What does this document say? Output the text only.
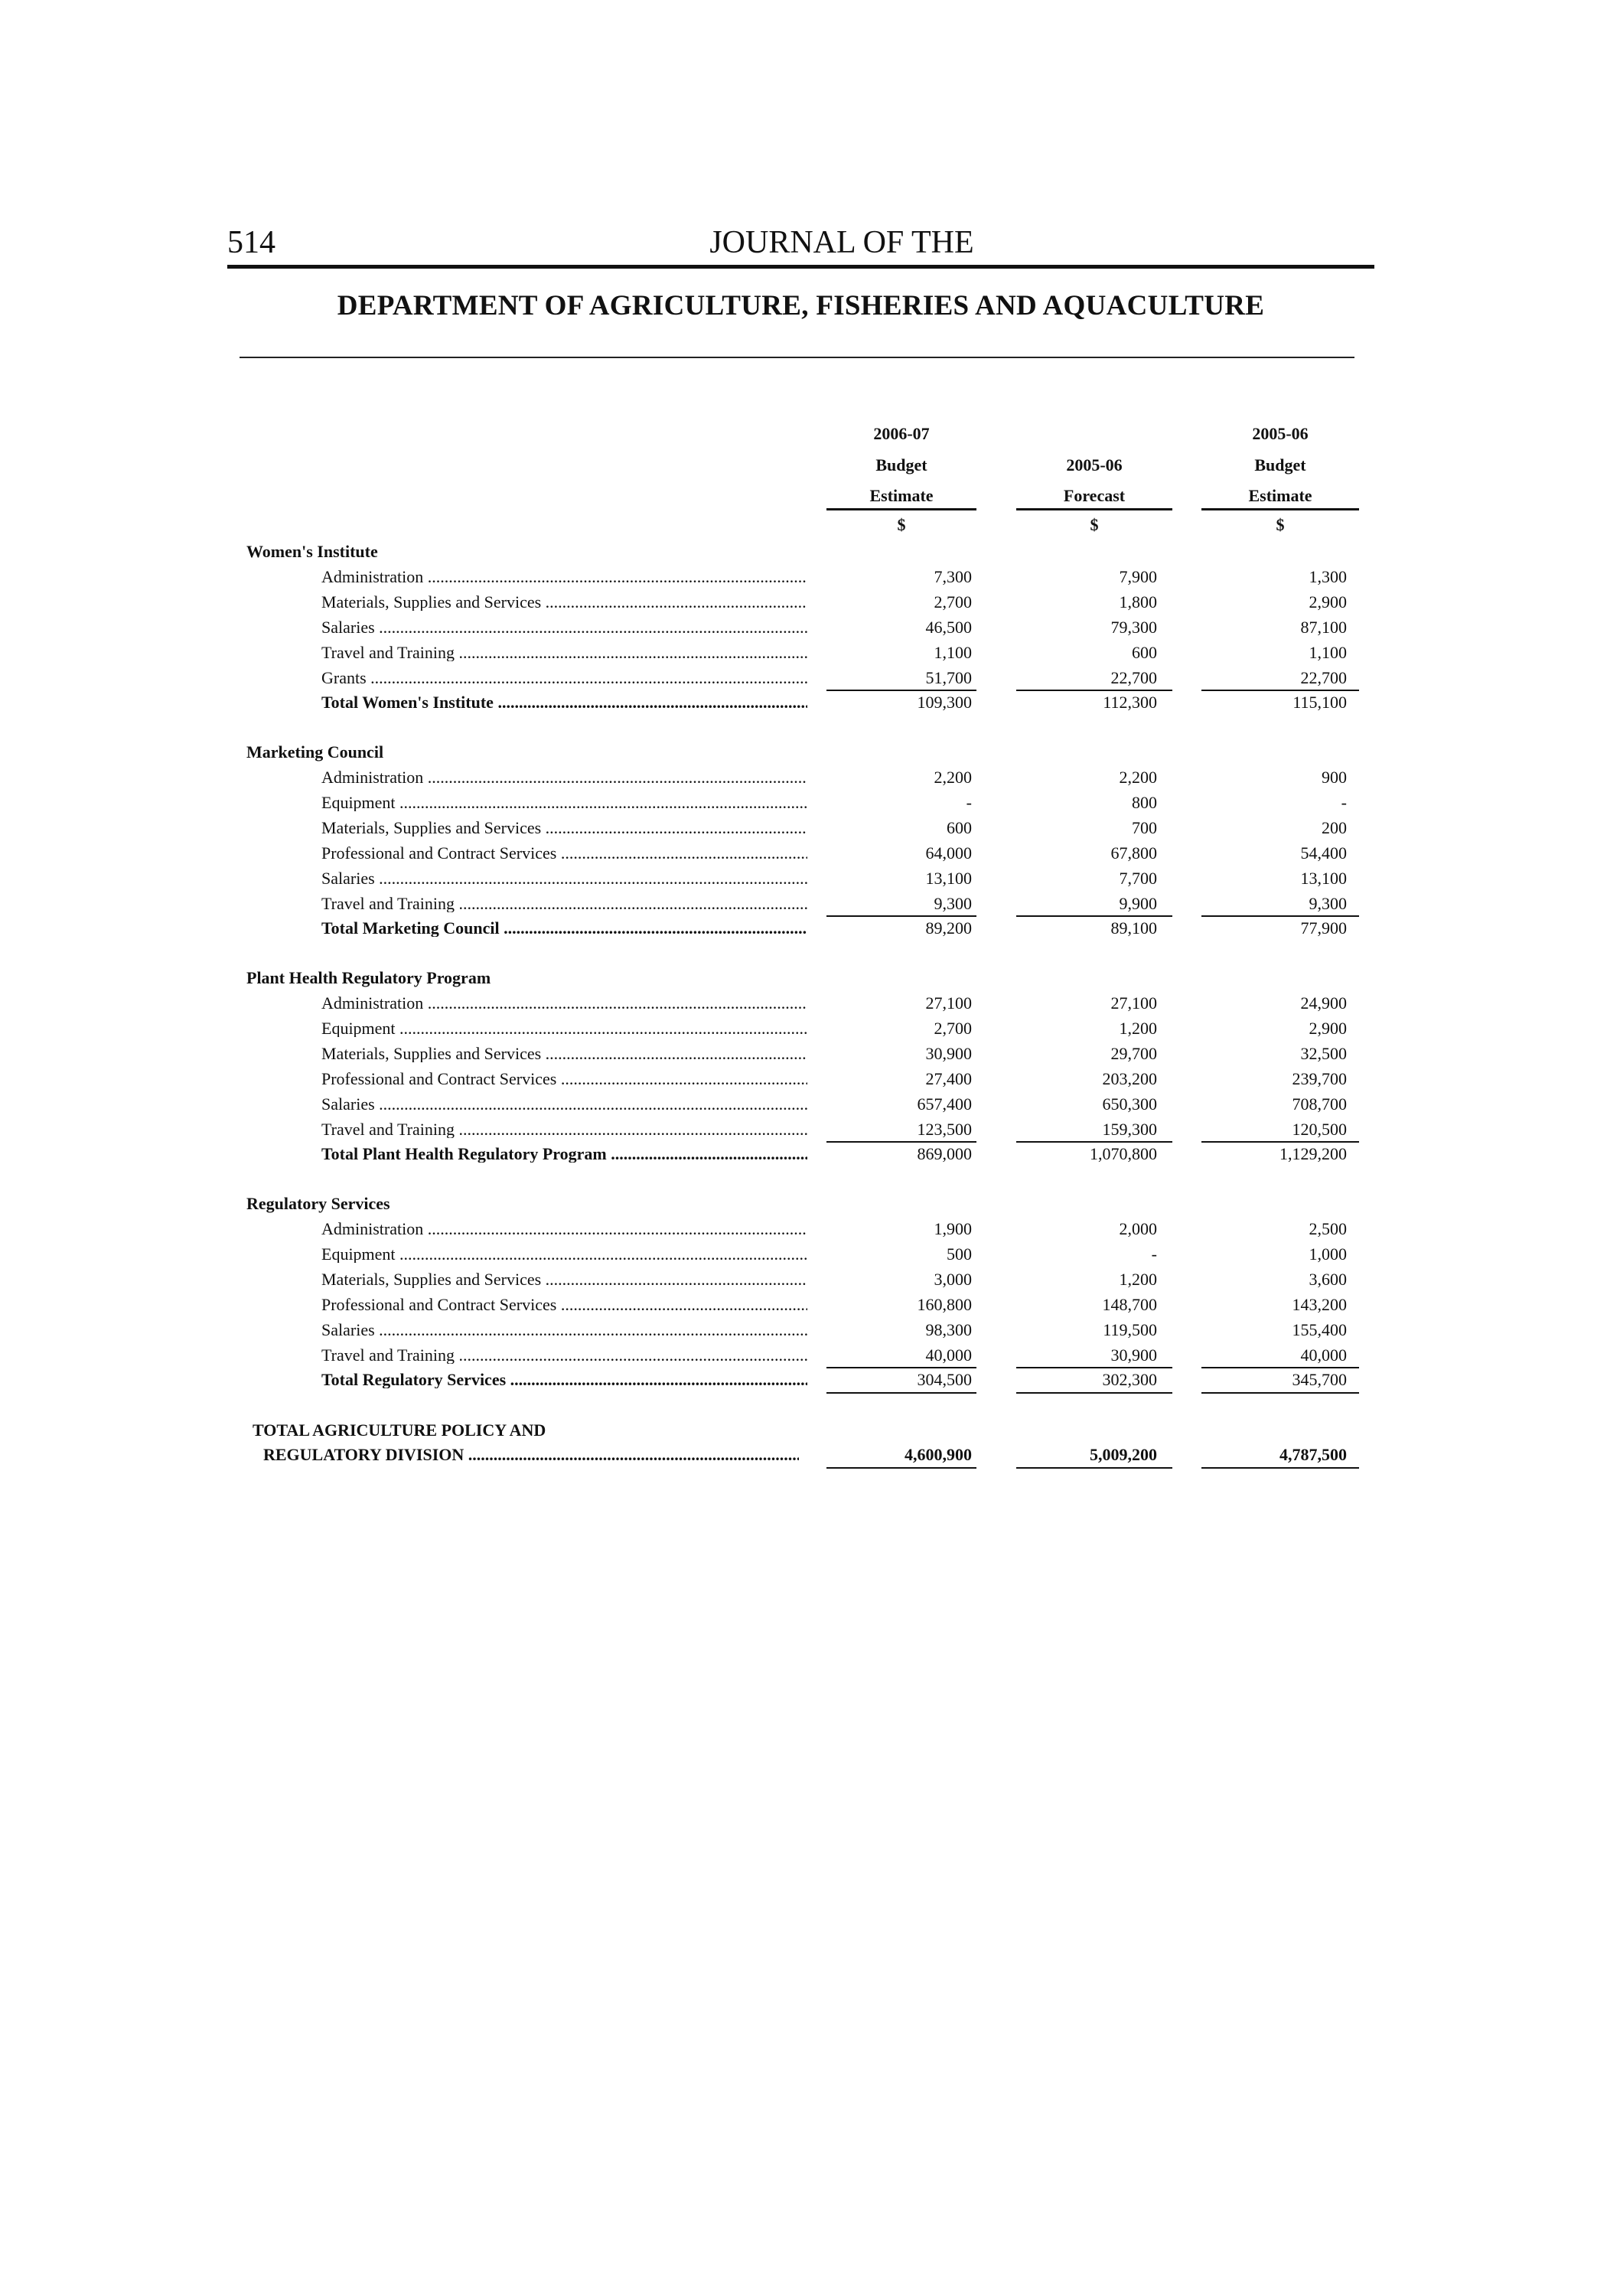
514	JOURNAL OF THE
DEPARTMENT OF AGRICULTURE, FISHERIES AND AQUACULTURE
2006-07
Budget
Estimate
$
2005-06
Forecast
$
2005-06
Budget
Estimate
$
Women's Institute
Administration .....	7,300	7,900	1,300
Materials, Supplies and Services .....	2,700	1,800	2,900
Salaries .....	46,500	79,300	87,100
Travel and Training .....	1,100	600	1,100
Grants .....	51,700	22,700	22,700
Total Women's Institute .....	109,300	112,300	115,100
Marketing Council
Administration .....	2,200	2,200	900
Equipment .....	-	800	-
Materials, Supplies and Services .....	600	700	200
Professional and Contract Services .....	64,000	67,800	54,400
Salaries .....	13,100	7,700	13,100
Travel and Training .....	9,300	9,900	9,300
Total Marketing Council .....	89,200	89,100	77,900
Plant Health Regulatory Program
Administration .....	27,100	27,100	24,900
Equipment .....	2,700	1,200	2,900
Materials, Supplies and Services .....	30,900	29,700	32,500
Professional and Contract Services .....	27,400	203,200	239,700
Salaries .....	657,400	650,300	708,700
Travel and Training .....	123,500	159,300	120,500
Total Plant Health Regulatory Program .....	869,000	1,070,800	1,129,200
Regulatory Services
Administration .....	1,900	2,000	2,500
Equipment .....	500	-	1,000
Materials, Supplies and Services .....	3,000	1,200	3,600
Professional and Contract Services .....	160,800	148,700	143,200
Salaries .....	98,300	119,500	155,400
Travel and Training .....	40,000	30,900	40,000
Total Regulatory Services .....	304,500	302,300	345,700
TOTAL AGRICULTURE POLICY AND
REGULATORY DIVISION .....	4,600,900	5,009,200	4,787,500
